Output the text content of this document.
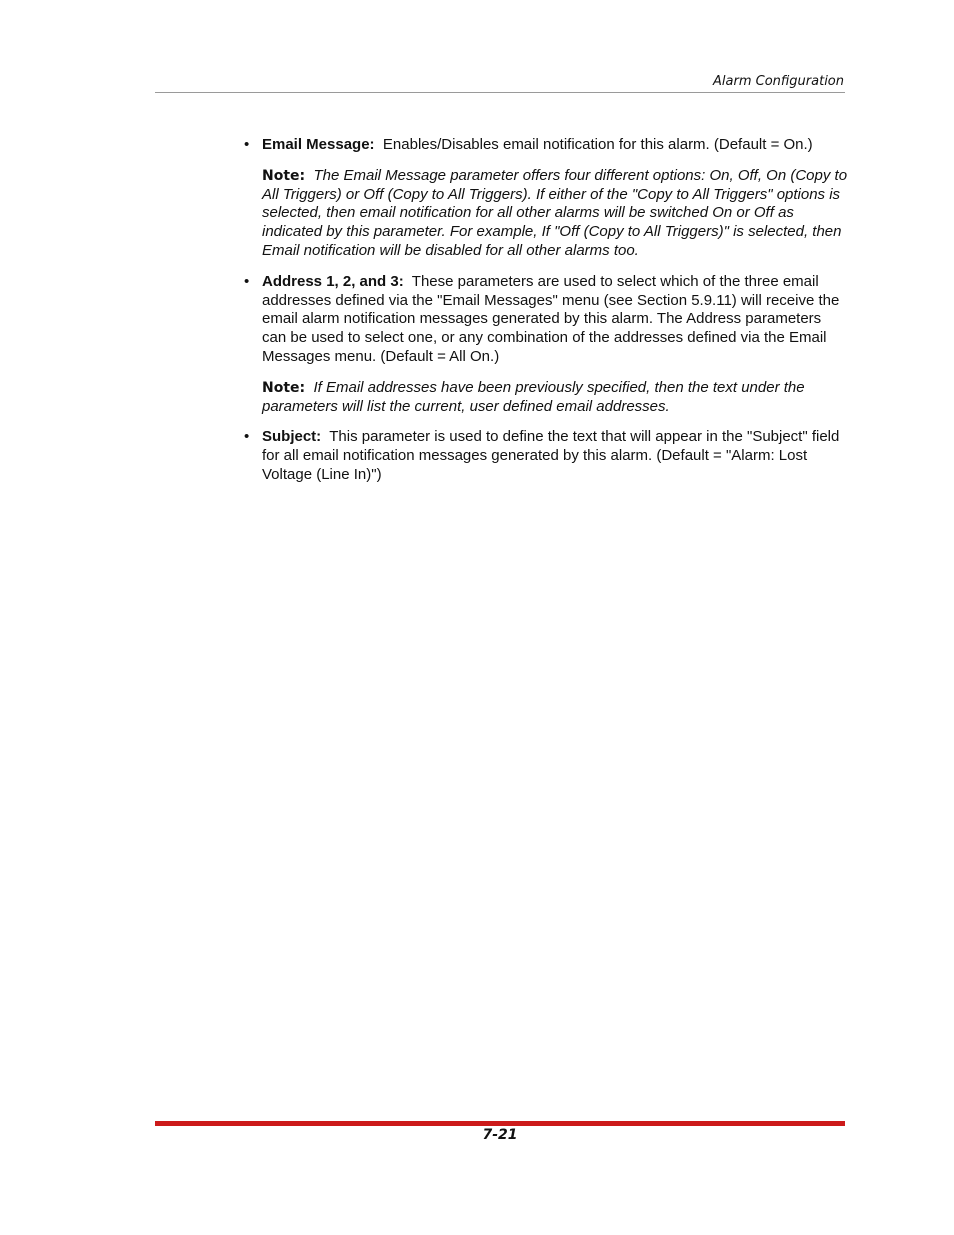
Alarm Configuration
• Email Message: Enables/Disables email notification for this alarm. (Default = On.)
Note: The Email Message parameter offers four different options: On, Off, On (Copy to All Triggers) or Off (Copy to All Triggers). If either of the "Copy to All Triggers" options is selected, then email notification for all other alarms will be switched On or Off as indicated by this parameter. For example, If "Off (Copy to All Triggers)" is selected, then Email notification will be disabled for all other alarms too.
• Address 1, 2, and 3: These parameters are used to select which of the three email addresses defined via the "Email Messages" menu (see Section 5.9.11) will receive the email alarm notification messages generated by this alarm. The Address parameters can be used to select one, or any combination of the addresses defined via the Email Messages menu. (Default = All On.)
Note: If Email addresses have been previously specified, then the text under the parameters will list the current, user defined email addresses.
• Subject: This parameter is used to define the text that will appear in the "Subject" field for all email notification messages generated by this alarm. (Default = "Alarm: Lost Voltage (Line In)")
7-21
